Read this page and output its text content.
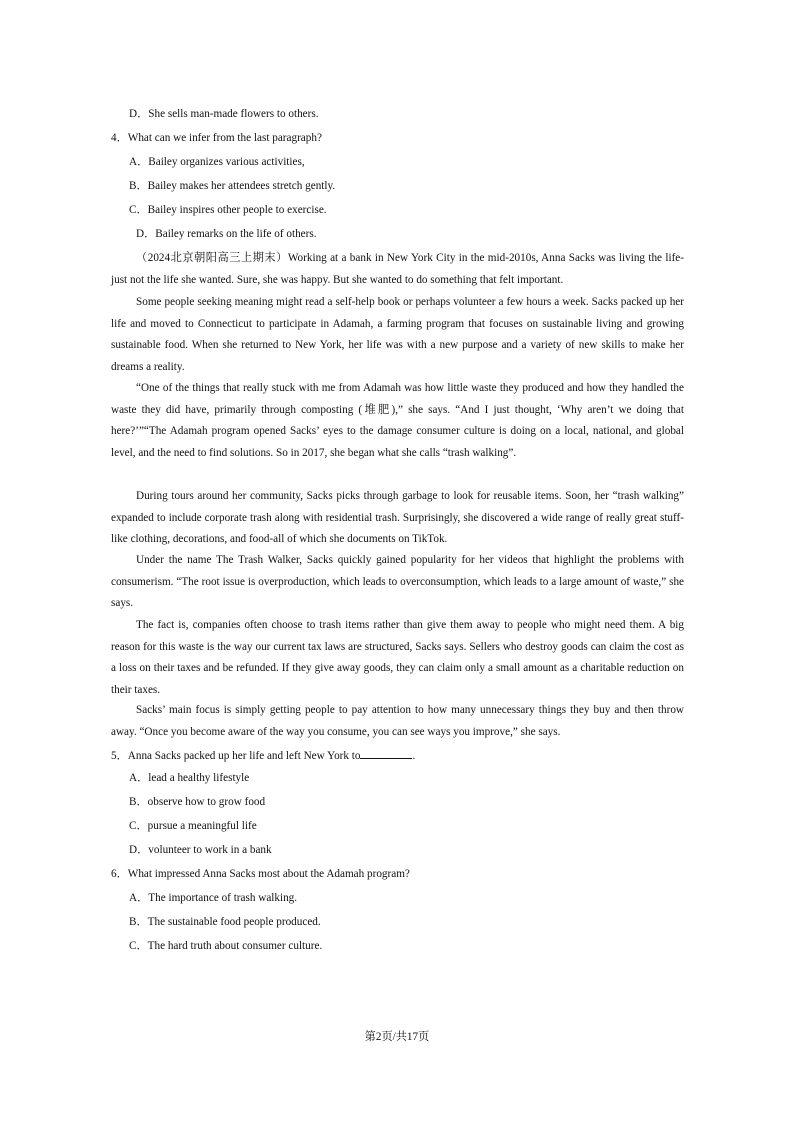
D．She sells man-made flowers to others.
4．What can we infer from the last paragraph?
A．Bailey organizes various activities,
B．Bailey makes her attendees stretch gently.
C．Bailey inspires other people to exercise.
D．Bailey remarks on the life of others.
（2024北京朝阳高三上期末）Working at a bank in New York City in the mid-2010s, Anna Sacks was living the life-just not the life she wanted. Sure, she was happy. But she wanted to do something that felt important.
Some people seeking meaning might read a self-help book or perhaps volunteer a few hours a week. Sacks packed up her life and moved to Connecticut to participate in Adamah, a farming program that focuses on sustainable living and growing sustainable food. When she returned to New York, her life was with a new purpose and a variety of new skills to make her dreams a reality.
“One of the things that really stuck with me from Adamah was how little waste they produced and how they handled the waste they did have, primarily through composting (堆肥),” she says. “And I just thought, ‘Why aren’t we doing that here?’”“The Adamah program opened Sacks’ eyes to the damage consumer culture is doing on a local, national, and global level, and the need to find solutions. So in 2017, she began what she calls “trash walking”.
During tours around her community, Sacks picks through garbage to look for reusable items. Soon, her “trash walking” expanded to include corporate trash along with residential trash. Surprisingly, she discovered a wide range of really great stuff-like clothing, decorations, and food-all of which she documents on TikTok.
Under the name The Trash Walker, Sacks quickly gained popularity for her videos that highlight the problems with consumerism. “The root issue is overproduction, which leads to overconsumption, which leads to a large amount of waste,” she says.
The fact is, companies often choose to trash items rather than give them away to people who might need them. A big reason for this waste is the way our current tax laws are structured, Sacks says. Sellers who destroy goods can claim the cost as a loss on their taxes and be refunded. If they give away goods, they can claim only a small amount as a charitable reduction on their taxes.
Sacks’ main focus is simply getting people to pay attention to how many unnecessary things they buy and then throw away. “Once you become aware of the way you consume, you can see ways you improve,” she says.
5．Anna Sacks packed up her life and left New York to	.
A．lead a healthy lifestyle
B．observe how to grow food
C．pursue a meaningful life
D．volunteer to work in a bank
6．What impressed Anna Sacks most about the Adamah program?
A．The importance of trash walking.
B．The sustainable food people produced.
C．The hard truth about consumer culture.
第2页/共17页
